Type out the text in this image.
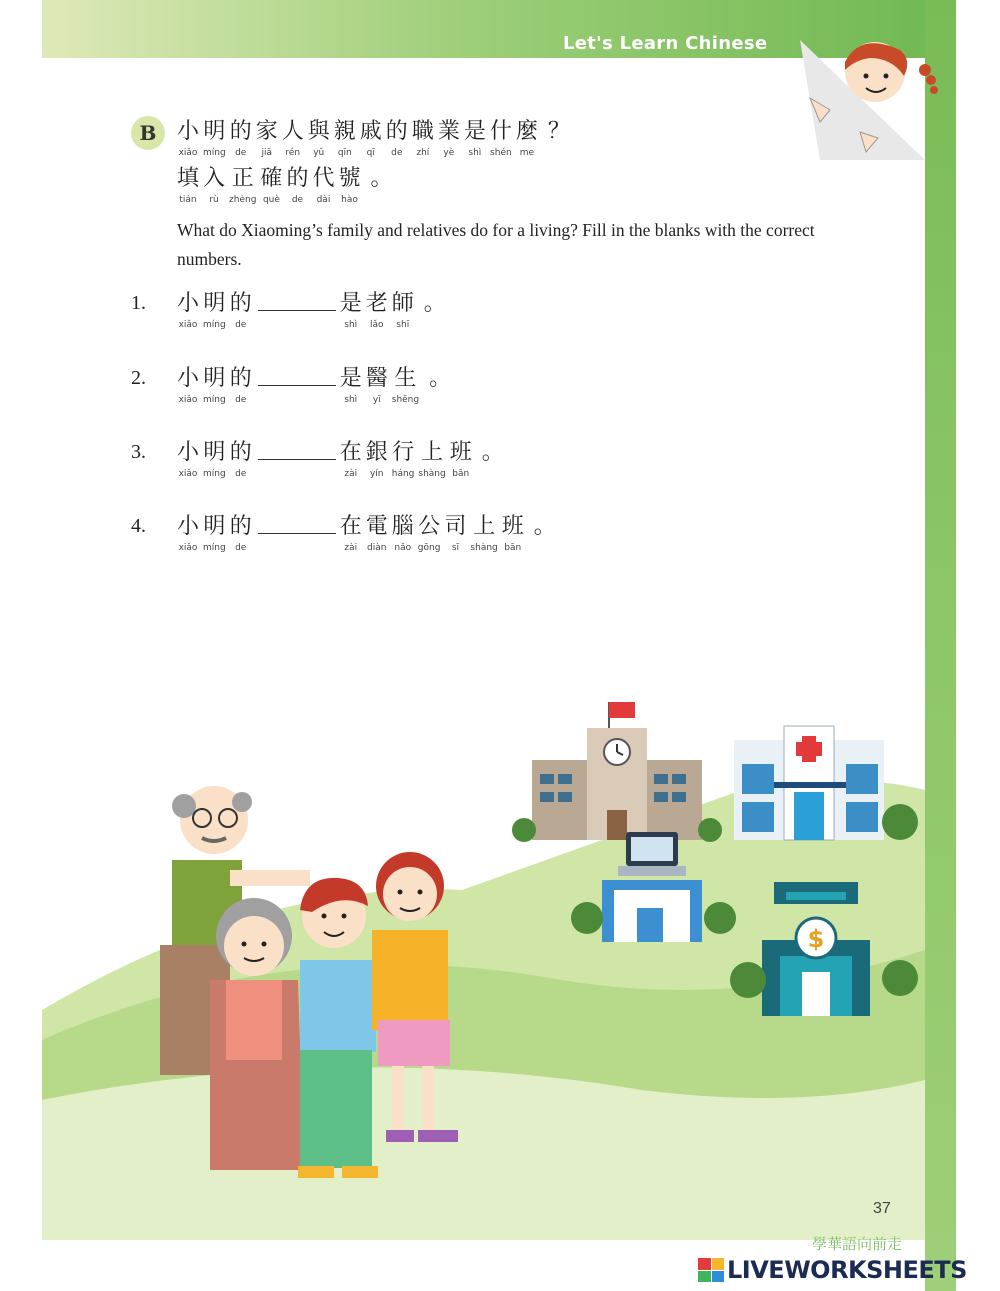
Let's Learn Chinese
B 小
xiǎo
明
míng
的
de
家
jiā
人
rén
與
yǔ
親
qīn
戚
qī
的
de
職
zhí
業
yè
是
shì
什
shén
麼
me
？
填
tián
入
rù
正
zhèng
確
què
的
de
代
dài
號
hào
。
What do Xiaoming’s family and relatives do for a living? Fill in the blanks with the correct numbers.
小
xiǎo
明
míng
的
de
是
shì
老
lǎo
師
shī
。
小
xiǎo
明
míng
的
de
是
shì
醫
yī
生
shēng
。
小
xiǎo
明
míng
的
de
在
zài
銀
yín
行
háng
上
shàng
班
bān
。
小
xiǎo
明
míng
的
de
在
zài
電
diàn
腦
nǎo
公
gōng
司
sī
上
shàng
班
bān
。
$
37
學華語向前走
LIVEWORKSHEETS
1.
2.
3.
4.
